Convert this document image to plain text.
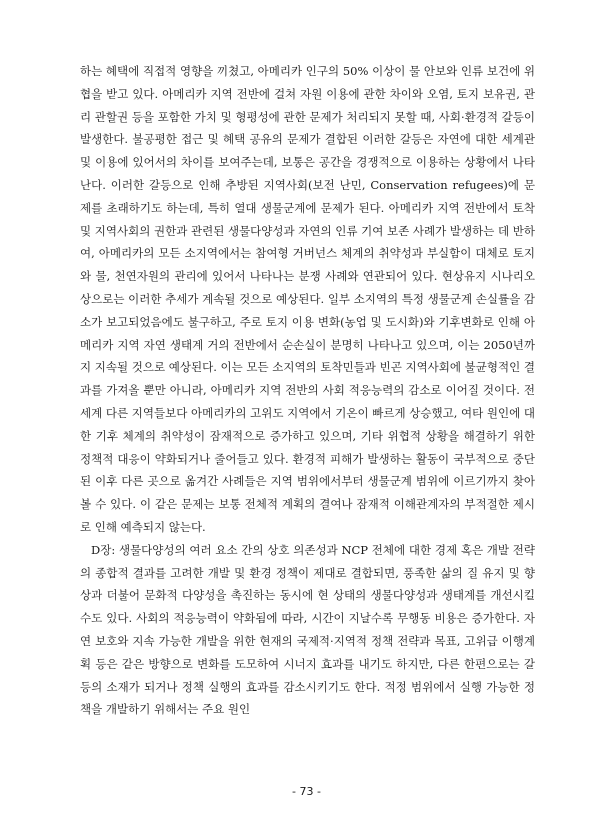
하는 혜택에 직접적 영향을 끼쳤고, 아메리카 인구의 50% 이상이 물 안보와 인류 보건에 위협을 받고 있다. 아메리카 지역 전반에 걸쳐 자원 이용에 관한 차이와 오염, 토지 보유권, 관리 관할권 등을 포함한 가치 및 형평성에 관한 문제가 처리되지 못할 때, 사회·환경적 갈등이 발생한다. 불공평한 접근 및 혜택 공유의 문제가 결합된 이러한 갈등은 자연에 대한 세계관 및 이용에 있어서의 차이를 보여주는데, 보통은 공간을 경쟁적으로 이용하는 상황에서 나타난다. 이러한 갈등으로 인해 추방된 지역사회(보전 난민, Conservation refugees)에 문제를 초래하기도 하는데, 특히 열대 생물군계에 문제가 된다. 아메리카 지역 전반에서 토착 및 지역사회의 권한과 관련된 생물다양성과 자연의 인류 기여 보존 사례가 발생하는 데 반하여, 아메리카의 모든 소지역에서는 참여형 거버넌스 체계의 취약성과 부실함이 대체로 토지와 물, 천연자원의 관리에 있어서 나타나는 분쟁 사례와 연관되어 있다. 현상유지 시나리오 상으로는 이러한 추세가 계속될 것으로 예상된다. 일부 소지역의 특정 생물군계 손실률을 감소가 보고되었음에도 불구하고, 주로 토지 이용 변화(농업 및 도시화)와 기후변화로 인해 아메리카 지역 자연 생태계 거의 전반에서 순손실이 분명히 나타나고 있으며, 이는 2050년까지 지속될 것으로 예상된다. 이는 모든 소지역의 토착민들과 빈곤 지역사회에 불균형적인 결과를 가져올 뿐만 아니라, 아메리카 지역 전반의 사회 적응능력의 감소로 이어질 것이다. 전 세계 다른 지역들보다 아메리카의 고위도 지역에서 기온이 빠르게 상승했고, 여타 원인에 대한 기후 체계의 취약성이 잠재적으로 증가하고 있으며, 기타 위협적 상황을 해결하기 위한 정책적 대응이 약화되거나 줄어들고 있다. 환경적 피해가 발생하는 활동이 국부적으로 중단된 이후 다른 곳으로 옮겨간 사례들은 지역 범위에서부터 생물군계 범위에 이르기까지 찾아볼 수 있다. 이 같은 문제는 보통 전체적 계획의 결여나 잠재적 이해관계자의 부적절한 제시로 인해 예측되지 않는다.

D장: 생물다양성의 여러 요소 간의 상호 의존성과 NCP 전체에 대한 경제 혹은 개발 전략의 종합적 결과를 고려한 개발 및 환경 정책이 제대로 결합되면, 풍족한 삶의 질 유지 및 향상과 더불어 문화적 다양성을 촉진하는 동시에 현 상태의 생물다양성과 생태계를 개선시킬 수도 있다. 사회의 적응능력이 약화됨에 따라, 시간이 지날수록 무행동 비용은 증가한다. 자연 보호와 지속 가능한 개발을 위한 현재의 국제적·지역적 정책 전략과 목표, 고위급 이행계획 등은 같은 방향으로 변화를 도모하여 시너지 효과를 내기도 하지만, 다른 한편으로는 갈등의 소재가 되거나 정책 실행의 효과를 감소시키기도 한다. 적정 범위에서 실행 가능한 정책을 개발하기 위해서는 주요 원인

- 73 -
